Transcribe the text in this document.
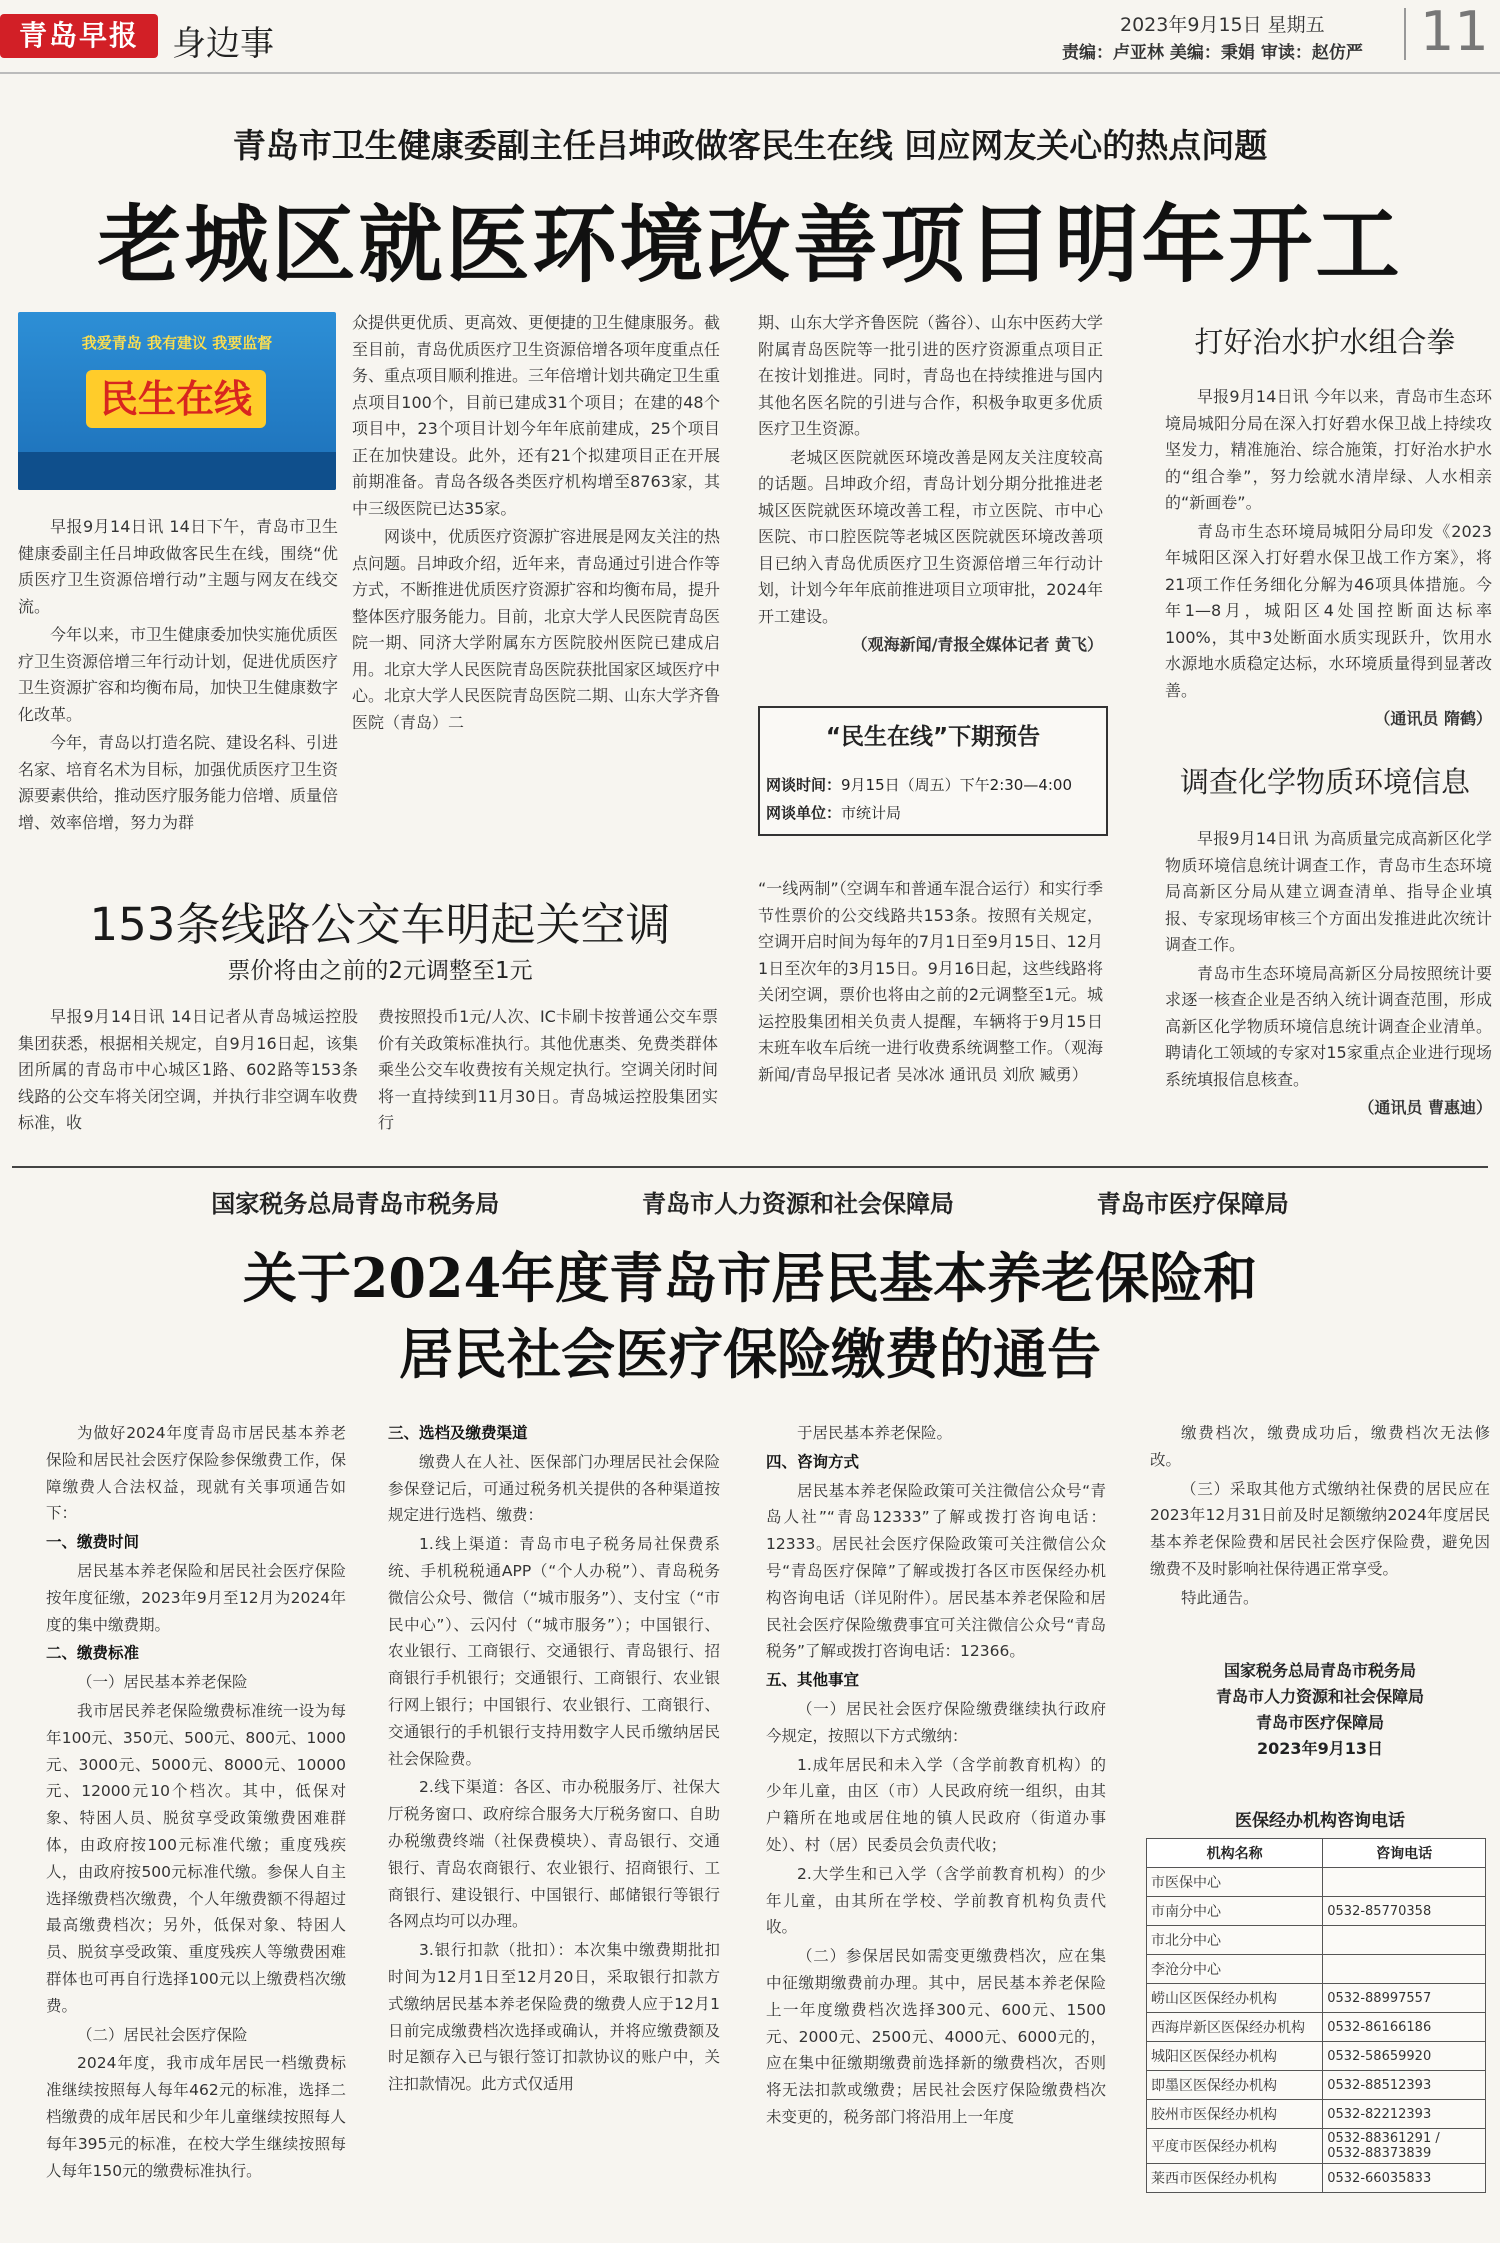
青岛早报 身边事	2023年9月15日 星期五
责编：卢亚林 美编：秉娟 审读：赵仿严 11
青岛市卫生健康委副主任吕坤政做客民生在线 回应网友关心的热点问题
老城区就医环境改善项目明年开工
我爱青岛 我有建议 我要监督
民生在线

早报9月14日讯 14日下午，青岛市卫生健康委副主任吕坤政做客民生在线，围绕“优质医疗卫生资源倍增行动”主题与网友在线交流。

今年以来，市卫生健康委加快实施优质医疗卫生资源倍增三年行动计划，促进优质医疗卫生资源扩容和均衡布局，加快卫生健康数字化改革。

今年，青岛以打造名院、建设名科、引进名家、培育名术为目标，加强优质医疗卫生资源要素供给，推动医疗服务能力倍增、质量倍增、效率倍增，努力为群

众提供更优质、更高效、更便捷的卫生健康服务。截至目前，青岛优质医疗卫生资源倍增各项年度重点任务、重点项目顺利推进。三年倍增计划共确定卫生重点项目100个，目前已建成31个项目；在建的48个项目中，23个项目计划今年年底前建成，25个项目正在加快建设。此外，还有21个拟建项目正在开展前期准备。青岛各级各类医疗机构增至8763家，其中三级医院已达35家。

网谈中，优质医疗资源扩容进展是网友关注的热点问题。吕坤政介绍，近年来，青岛通过引进合作等方式，不断推进优质医疗资源扩容和均衡布局，提升整体医疗服务能力。目前，北京大学人民医院青岛医院一期、同济大学附属东方医院胶州医院已建成启用。北京大学人民医院青岛医院获批国家区域医疗中心。北京大学人民医院青岛医院二期、山东大学齐鲁医院（青岛）二

期、山东大学齐鲁医院（酱谷）、山东中医药大学附属青岛医院等一批引进的医疗资源重点项目正在按计划推进。同时，青岛也在持续推进与国内其他名医名院的引进与合作，积极争取更多优质医疗卫生资源。

老城区医院就医环境改善是网友关注度较高的话题。吕坤政介绍，青岛计划分期分批推进老城区医院就医环境改善工程，市立医院、市中心医院、市口腔医院等老城区医院就医环境改善项目已纳入青岛优质医疗卫生资源倍增三年行动计划，计划今年年底前推进项目立项审批，2024年开工建设。

（观海新闻/青报全媒体记者 黄飞）

“民生在线”下期预告
网谈时间：9月15日（周五）下午2:30—4:00
网谈单位：市统计局
打好治水护水组合拳

早报9月14日讯 今年以来，青岛市生态环境局城阳分局在深入打好碧水保卫战上持续攻坚发力，精准施治、综合施策，打好治水护水的“组合拳”，努力绘就水清岸绿、人水相亲的“新画卷”。

青岛市生态环境局城阳分局印发《2023年城阳区深入打好碧水保卫战工作方案》，将21项工作任务细化分解为46项具体措施。今年1—8月，城阳区4处国控断面达标率100%，其中3处断面水质实现跃升，饮用水水源地水质稳定达标，水环境质量得到显著改善。

（通讯员 隋鹤）

调查化学物质环境信息

早报9月14日讯 为高质量完成高新区化学物质环境信息统计调查工作，青岛市生态环境局高新区分局从建立调查清单、指导企业填报、专家现场审核三个方面出发推进此次统计调查工作。

青岛市生态环境局高新区分局按照统计要求逐一核查企业是否纳入统计调查范围，形成高新区化学物质环境信息统计调查企业清单。聘请化工领域的专家对15家重点企业进行现场系统填报信息核查。

（通讯员 曹惠迪）

153条线路公交车明起关空调
票价将由之前的2元调整至1元

早报9月14日讯 14日记者从青岛城运控股集团获悉，根据相关规定，自9月16日起，该集团所属的青岛市中心城区1路、602路等153条线路的公交车将关闭空调，并执行非空调车收费标准，收

费按照投币1元/人次、IC卡刷卡按普通公交车票价有关政策标准执行。其他优惠类、免费类群体乘坐公交车收费按有关规定执行。空调关闭时间将一直持续到11月30日。青岛城运控股集团实行

“一线两制”（空调车和普通车混合运行）和实行季节性票价的公交线路共153条。按照有关规定，空调开启时间为每年的7月1日至9月15日、12月1日至次年的3月15日。9月16日起，这些线路将关闭空调，票价也将由之前的2元调整至1元。城运控股集团相关负责人提醒，车辆将于9月15日末班车收车后统一进行收费系统调整工作。（观海新闻/青岛早报记者 吴冰冰 通讯员 刘欣 臧勇）

国家税务总局青岛市税务局	青岛市人力资源和社会保障局	青岛市医疗保障局
关于2024年度青岛市居民基本养老保险和
居民社会医疗保险缴费的通告

为做好2024年度青岛市居民基本养老保险和居民社会医疗保险参保缴费工作，保障缴费人合法权益，现就有关事项通告如下：

一、缴费时间

居民基本养老保险和居民社会医疗保险按年度征缴，2023年9月至12月为2024年度的集中缴费期。

二、缴费标准

（一）居民基本养老保险

我市居民养老保险缴费标准统一设为每年100元、350元、500元、800元、1000元、3000元、5000元、8000元、10000元、12000元10个档次。其中，低保对象、特困人员、脱贫享受政策缴费困难群体，由政府按100元标准代缴；重度残疾人，由政府按500元标准代缴。参保人自主选择缴费档次缴费，个人年缴费额不得超过最高缴费档次；另外，低保对象、特困人员、脱贫享受政策、重度残疾人等缴费困难群体也可再自行选择100元以上缴费档次缴费。

（二）居民社会医疗保险

2024年度，我市成年居民一档缴费标准继续按照每人每年462元的标准，选择二档缴费的成年居民和少年儿童继续按照每人每年395元的标准，在校大学生继续按照每人每年150元的缴费标准执行。

三、选档及缴费渠道

缴费人在人社、医保部门办理居民社会保险参保登记后，可通过税务机关提供的各种渠道按规定进行选档、缴费：

1.线上渠道：青岛市电子税务局社保费系统、手机税税通APP（“个人办税”）、青岛税务微信公众号、微信（“城市服务”）、支付宝（“市民中心”）、云闪付（“城市服务”）；中国银行、农业银行、工商银行、交通银行、青岛银行、招商银行手机银行；交通银行、工商银行、农业银行网上银行；中国银行、农业银行、工商银行、交通银行的手机银行支持用数字人民币缴纳居民社会保险费。

2.线下渠道：各区、市办税服务厅、社保大厅税务窗口、政府综合服务大厅税务窗口、自助办税缴费终端（社保费模块）、青岛银行、交通银行、青岛农商银行、农业银行、招商银行、工商银行、建设银行、中国银行、邮储银行等银行各网点均可以办理。

3.银行扣款（批扣）：本次集中缴费期批扣时间为12月1日至12月20日，采取银行扣款方式缴纳居民基本养老保险费的缴费人应于12月1日前完成缴费档次选择或确认，并将应缴费额及时足额存入已与银行签订扣款协议的账户中，关注扣款情况。此方式仅适用

于居民基本养老保险。

四、咨询方式

居民基本养老保险政策可关注微信公众号“青岛人社”“青岛12333”了解或拨打咨询电话：12333。居民社会医疗保险政策可关注微信公众号“青岛医疗保障”了解或拨打各区市医保经办机构咨询电话（详见附件）。居民基本养老保险和居民社会医疗保险缴费事宜可关注微信公众号“青岛税务”了解或拨打咨询电话：12366。

五、其他事宜

（一）居民社会医疗保险缴费继续执行政府今规定，按照以下方式缴纳：

1.成年居民和未入学（含学前教育机构）的少年儿童，由区（市）人民政府统一组织，由其户籍所在地或居住地的镇人民政府（街道办事处）、村（居）民委员会负责代收；

2.大学生和已入学（含学前教育机构）的少年儿童，由其所在学校、学前教育机构负责代收。

（二）参保居民如需变更缴费档次，应在集中征缴期缴费前办理。其中，居民基本养老保险上一年度缴费档次选择300元、600元、1500元、2000元、2500元、4000元、6000元的，应在集中征缴期缴费前选择新的缴费档次，否则将无法扣款或缴费；居民社会医疗保险缴费档次未变更的，税务部门将沿用上一年度

缴费档次，缴费成功后，缴费档次无法修改。

（三）采取其他方式缴纳社保费的居民应在2023年12月31日前及时足额缴纳2024年度居民基本养老保险费和居民社会医疗保险费，避免因缴费不及时影响社保待遇正常享受。

特此通告。

国家税务总局青岛市税务局
青岛市人力资源和社会保障局
青岛市医疗保障局
2023年9月13日
医保经办机构咨询电话
机构名称	咨询电话
市医保中心	
市南分中心	0532-85770358
市北分中心	
李沧分中心	
崂山区医保经办机构	0532-88997557
西海岸新区医保经办机构	0532-86166186
城阳区医保经办机构	0532-58659920
即墨区医保经办机构	0532-88512393
胶州市医保经办机构	0532-82212393
平度市医保经办机构	0532-88361291 / 0532-88373839
莱西市医保经办机构	0532-66035833
